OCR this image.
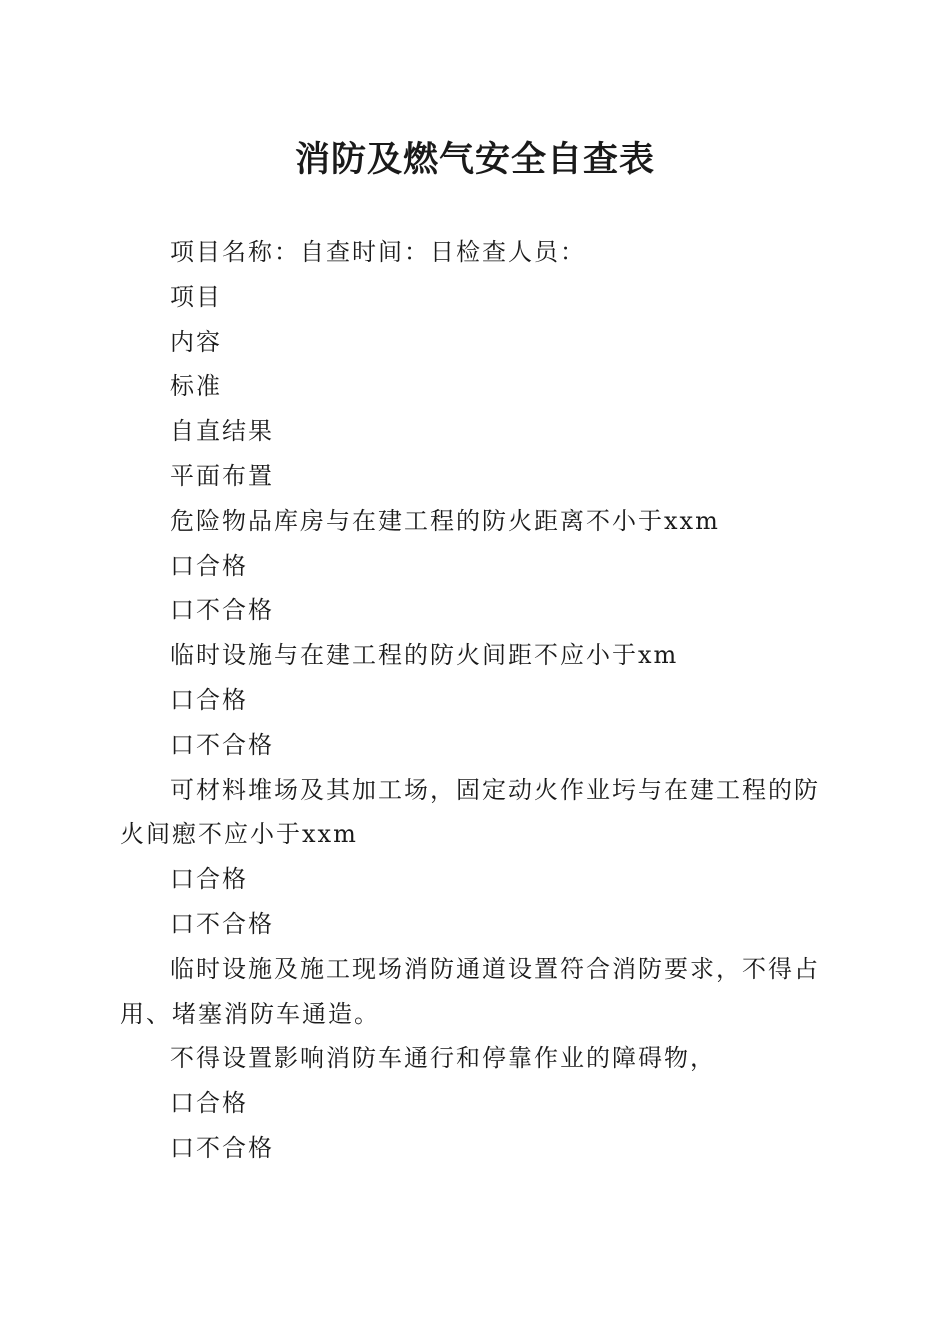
消防及燃气安全自查表

项目名称：自查时间：日检查人员：

项目

内容

标准

自直结果

平面布置

危险物品库房与在建工程的防火距离不小于xxm

口合格

口不合格

临时设施与在建工程的防火间距不应小于xm

口合格

口不合格

可材料堆场及其加工场，固定动火作业圬与在建工程的防火间瘛不应小于xxm

口合格

口不合格

临时设施及施工现场消防通道设置符合消防要求，不得占用、堵塞消防车通造。

不得设置影响消防车通行和停靠作业的障碍物，

口合格

口不合格
